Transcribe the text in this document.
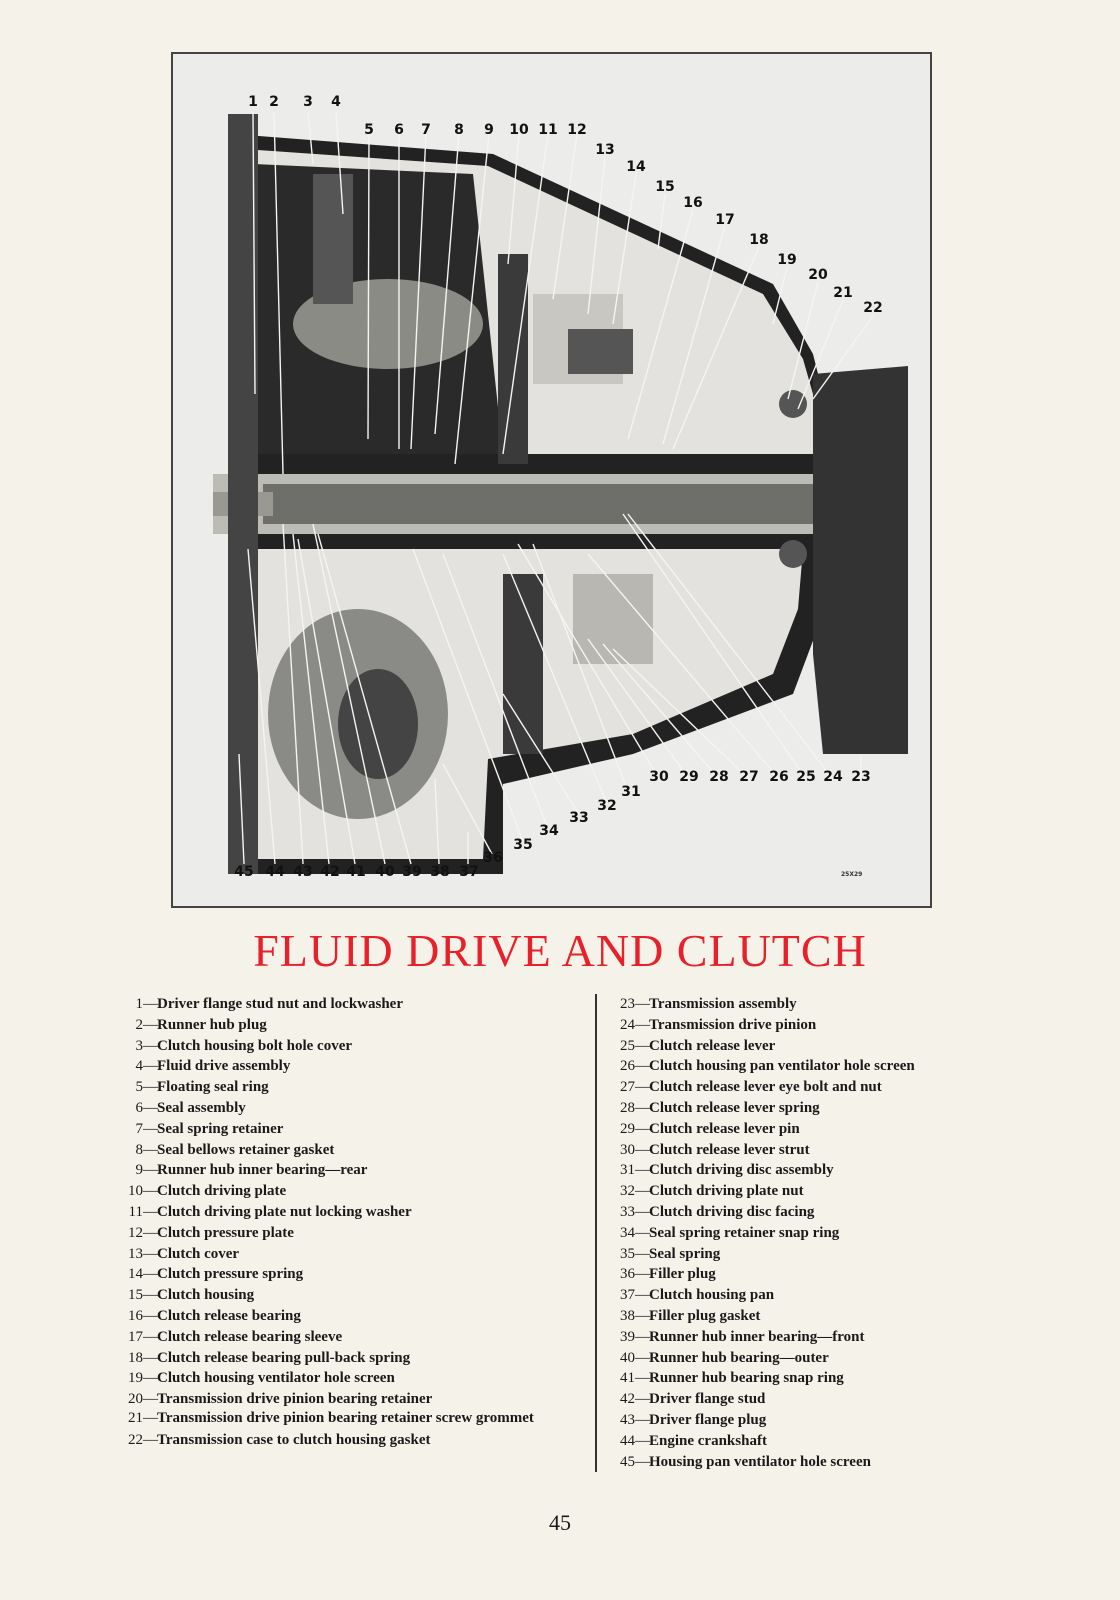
1 2 3 4
5 6 7 8 9 10 11 12
13
14
15
16
17
18
19
20
21
22
30 29 28 27 26 25 24 23
31
32
33
34
35
36
45 44 43 42 41 40 39 38 37	25X29
FLUID DRIVE AND CLUTCH
1 — Driver flange stud nut and lockwasher
2 — Runner hub plug
3 — Clutch housing bolt hole cover
4 — Fluid drive assembly
5 — Floating seal ring
6 — Seal assembly
7 — Seal spring retainer
8 — Seal bellows retainer gasket
9 — Runner hub inner bearing—rear
10 — Clutch driving plate
11 — Clutch driving plate nut locking washer
12 — Clutch pressure plate
13 — Clutch cover
14 — Clutch pressure spring
15 — Clutch housing
16 — Clutch release bearing
17 — Clutch release bearing sleeve
18 — Clutch release bearing pull-back spring
19 — Clutch housing ventilator hole screen
20 — Transmission drive pinion bearing retainer
21 — Transmission drive pinion bearing retainer screw grommet
22 — Transmission case to clutch housing gasket
23 — Transmission assembly
24 — Transmission drive pinion
25 — Clutch release lever
26 — Clutch housing pan ventilator hole screen
27 — Clutch release lever eye bolt and nut
28 — Clutch release lever spring
29 — Clutch release lever pin
30 — Clutch release lever strut
31 — Clutch driving disc assembly
32 — Clutch driving plate nut
33 — Clutch driving disc facing
34 — Seal spring retainer snap ring
35 — Seal spring
36 — Filler plug
37 — Clutch housing pan
38 — Filler plug gasket
39 — Runner hub inner bearing—front
40 — Runner hub bearing—outer
41 — Runner hub bearing snap ring
42 — Driver flange stud
43 — Driver flange plug
44 — Engine crankshaft
45 — Housing pan ventilator hole screen
45
